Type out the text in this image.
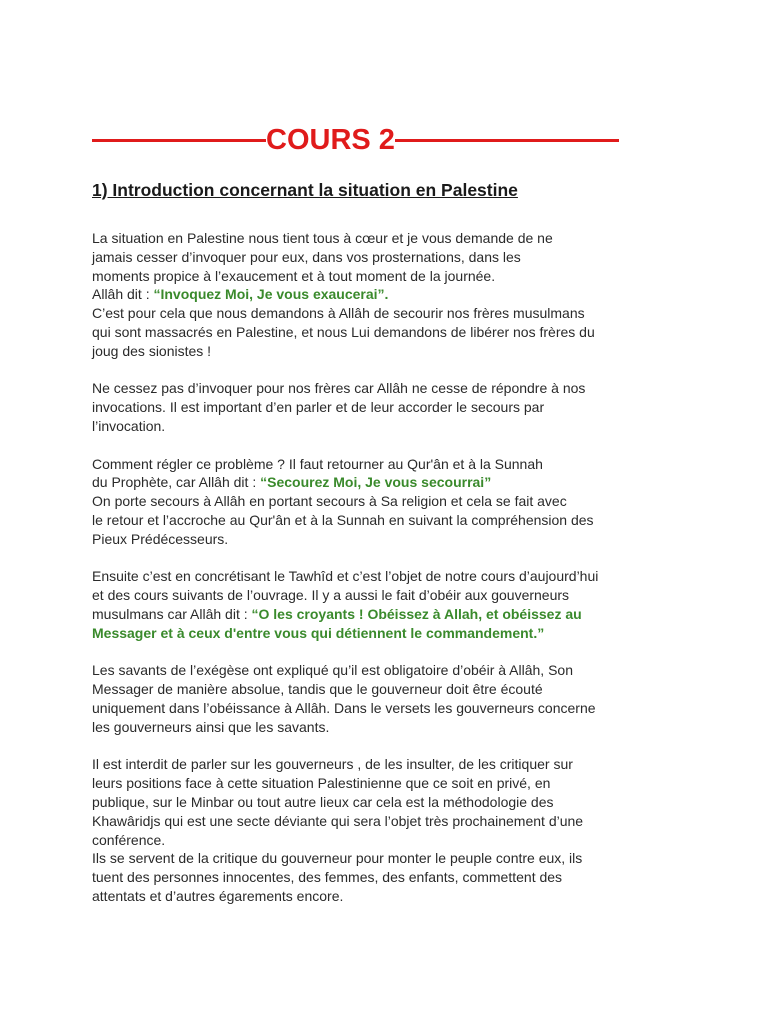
COURS 2
1) Introduction concernant la situation en Palestine

La situation en Palestine nous tient tous à cœur et je vous demande de ne
jamais cesser d’invoquer pour eux, dans vos prosternations, dans les
moments propice à l’exaucement et à tout moment de la journée.
Allâh dit : “Invoquez Moi, Je vous exaucerai”.
C’est pour cela que nous demandons à Allâh de secourir nos frères musulmans
qui sont massacrés en Palestine, et nous Lui demandons de libérer nos frères du
joug des sionistes !

Ne cessez pas d’invoquer pour nos frères car Allâh ne cesse de répondre à nos
invocations. Il est important d’en parler et de leur accorder le secours par
l’invocation.

Comment régler ce problème ? Il faut retourner au Qur'ân et à la Sunnah
du Prophète, car Allâh dit : “Secourez Moi, Je vous secourrai”
On porte secours à Allâh en portant secours à Sa religion et cela se fait avec
le retour et l’accroche au Qur'ân et à la Sunnah en suivant la compréhension des
Pieux Prédécesseurs.

Ensuite c’est en concrétisant le Tawhîd et c’est l’objet de notre cours d’aujourd’hui
et des cours suivants de l’ouvrage. Il y a aussi le fait d’obéir aux gouverneurs
musulmans car Allâh dit : “O les croyants ! Obéissez à Allah, et obéissez au
Messager et à ceux d'entre vous qui détiennent le commandement.”

Les savants de l’exégèse ont expliqué qu’il est obligatoire d’obéir à Allâh, Son
Messager de manière absolue, tandis que le gouverneur doit être écouté
uniquement dans l’obéissance à Allâh. Dans le versets les gouverneurs concerne
les gouverneurs ainsi que les savants.

Il est interdit de parler sur les gouverneurs , de les insulter, de les critiquer sur
leurs positions face à cette situation Palestinienne que ce soit en privé, en
publique, sur le Minbar ou tout autre lieux car cela est la méthodologie des
Khawâridjs qui est une secte déviante qui sera l’objet très prochainement d’une
conférence.
Ils se servent de la critique du gouverneur pour monter le peuple contre eux, ils
tuent des personnes innocentes, des femmes, des enfants, commettent des
attentats et d’autres égarements encore.
